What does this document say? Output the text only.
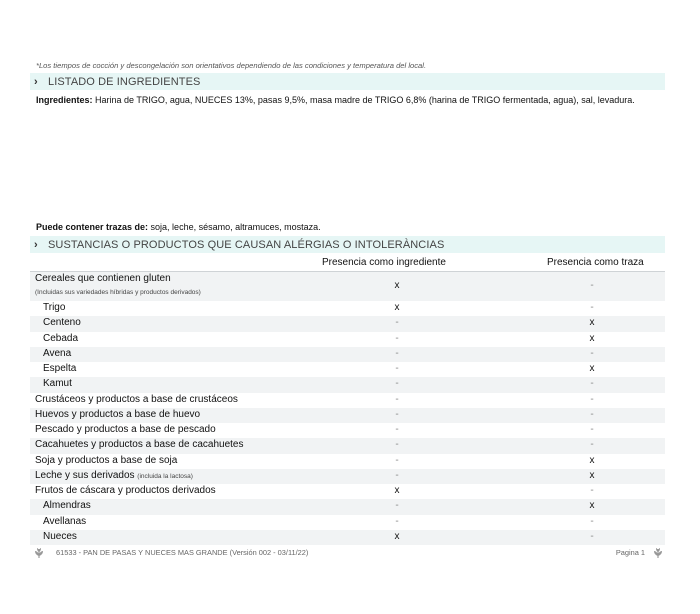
*Los tiempos de cocción y descongelación son orientativos dependiendo de las condiciones y temperatura del local.
› LISTADO DE INGREDIENTES
Ingredientes: Harina de TRIGO, agua, NUECES 13%, pasas 9,5%, masa madre de TRIGO 6,8% (harina de TRIGO fermentada, agua), sal, levadura.
Puede contener trazas de: soja, leche, sésamo, altramuces, mostaza.
› SUSTANCIAS O PRODUCTOS QUE CAUSAN ALÉRGIAS O INTOLERÀNCIAS
Presencia como ingrediente	Presencia como traza
Cereales que contienen gluten
(Incluidas sus variedades híbridas y productos derivados)
x	-
Trigo	x	-
Centeno	-	x
Cebada	-	x
Avena	-	-
Espelta	-	x
Kamut	-	-
Crustáceos y productos a base de crustáceos	-	-
Huevos y productos a base de huevo	-	-
Pescado y productos a base de pescado	-	-
Cacahuetes y productos a base de cacahuetes	-	-
Soja y productos a base de soja	-	x
Leche y sus derivados (incluida la lactosa)	-	x
Frutos de cáscara y productos derivados	x	-
Almendras	-	x
Avellanas	-	-
Nueces	x	-
61533 - PAN DE PASAS Y NUECES MAS GRANDE (Versión 002 - 03/11/22)	Pagina 1
